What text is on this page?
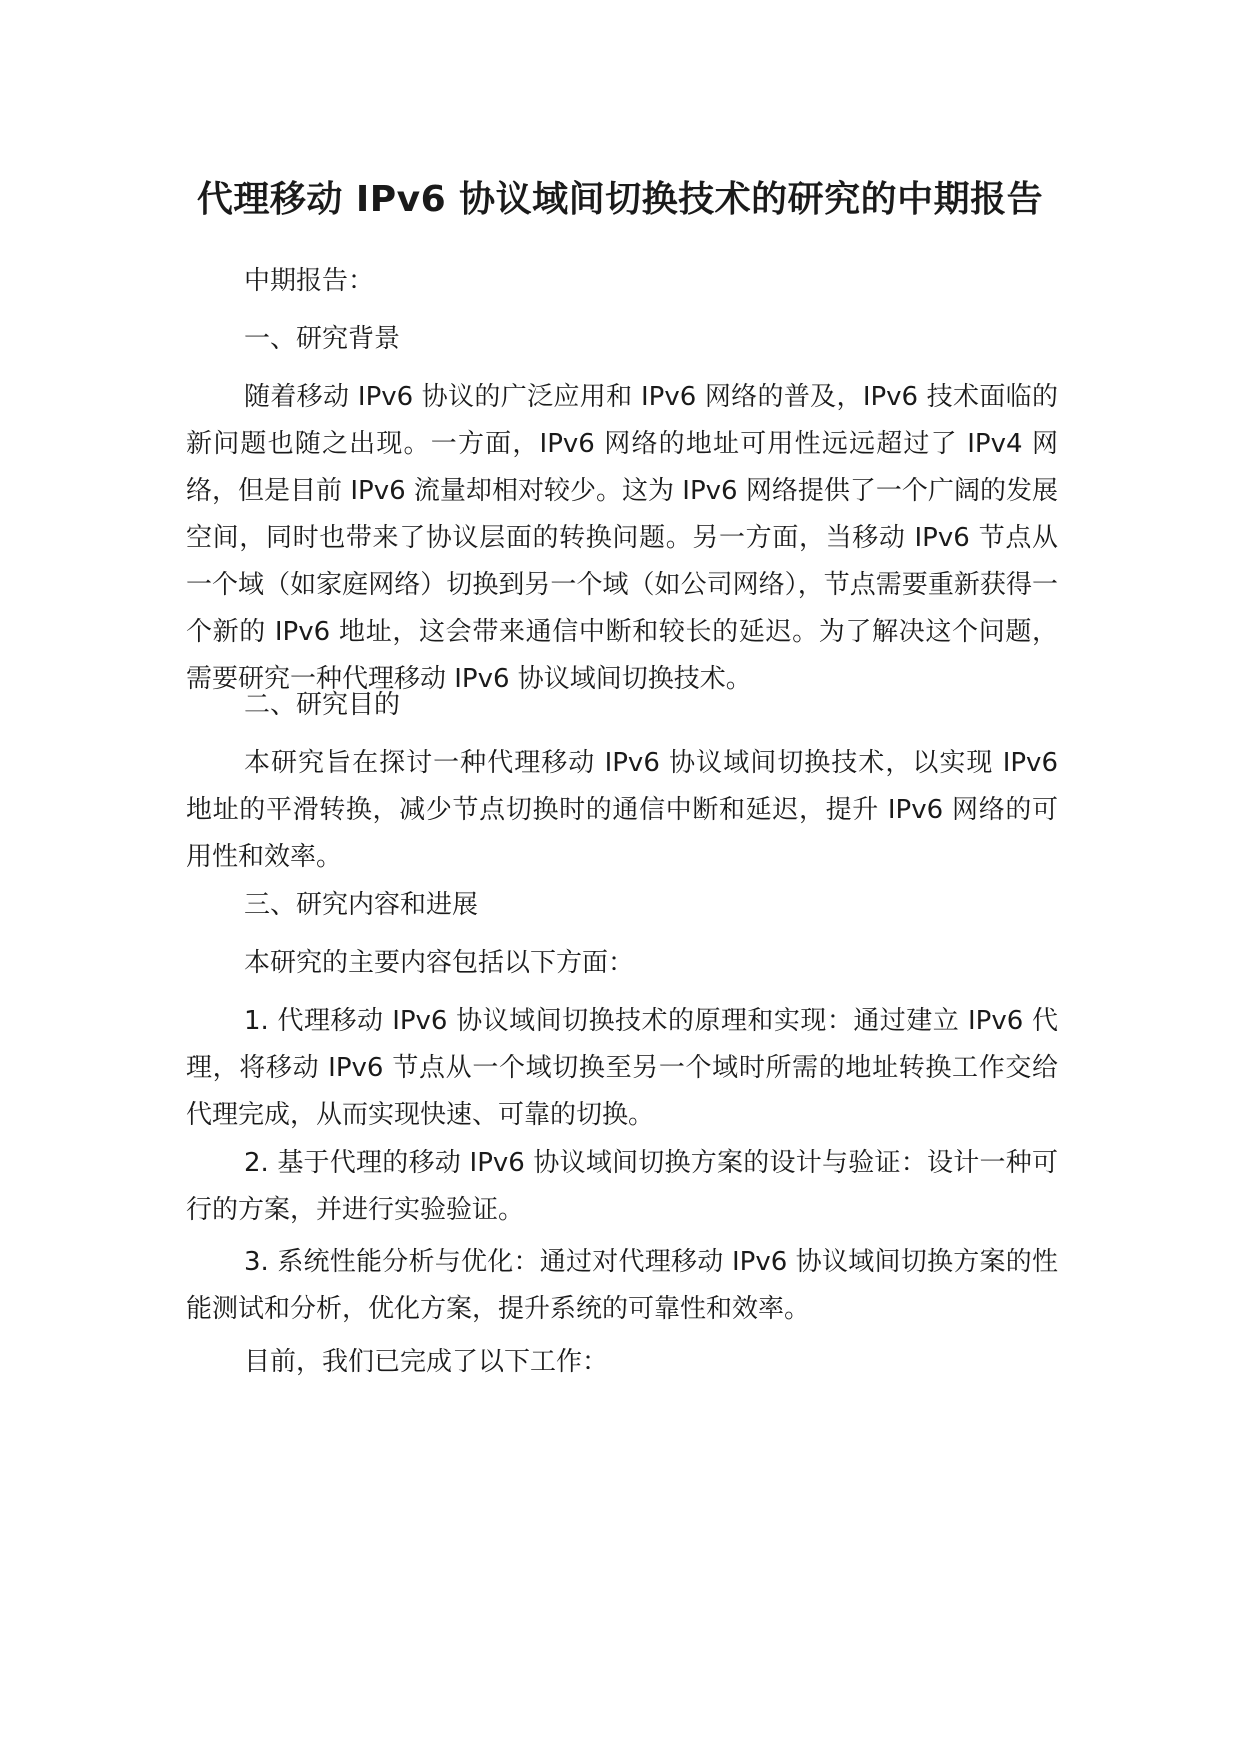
代理移动 IPv6 协议域间切换技术的研究的中期报告

中期报告：

一、研究背景

随着移动 IPv6 协议的广泛应用和 IPv6 网络的普及，IPv6 技术面临的新问题也随之出现。一方面，IPv6 网络的地址可用性远远超过了 IPv4 网络，但是目前 IPv6 流量却相对较少。这为 IPv6 网络提供了一个广阔的发展空间，同时也带来了协议层面的转换问题。另一方面，当移动 IPv6 节点从一个域（如家庭网络）切换到另一个域（如公司网络），节点需要重新获得一个新的 IPv6 地址，这会带来通信中断和较长的延迟。为了解决这个问题，需要研究一种代理移动 IPv6 协议域间切换技术。

二、研究目的

本研究旨在探讨一种代理移动 IPv6 协议域间切换技术，以实现 IPv6 地址的平滑转换，减少节点切换时的通信中断和延迟，提升 IPv6 网络的可用性和效率。

三、研究内容和进展

本研究的主要内容包括以下方面：

1. 代理移动 IPv6 协议域间切换技术的原理和实现：通过建立 IPv6 代理，将移动 IPv6 节点从一个域切换至另一个域时所需的地址转换工作交给代理完成，从而实现快速、可靠的切换。

2. 基于代理的移动 IPv6 协议域间切换方案的设计与验证：设计一种可行的方案，并进行实验验证。

3. 系统性能分析与优化：通过对代理移动 IPv6 协议域间切换方案的性能测试和分析，优化方案，提升系统的可靠性和效率。

目前，我们已完成了以下工作：
